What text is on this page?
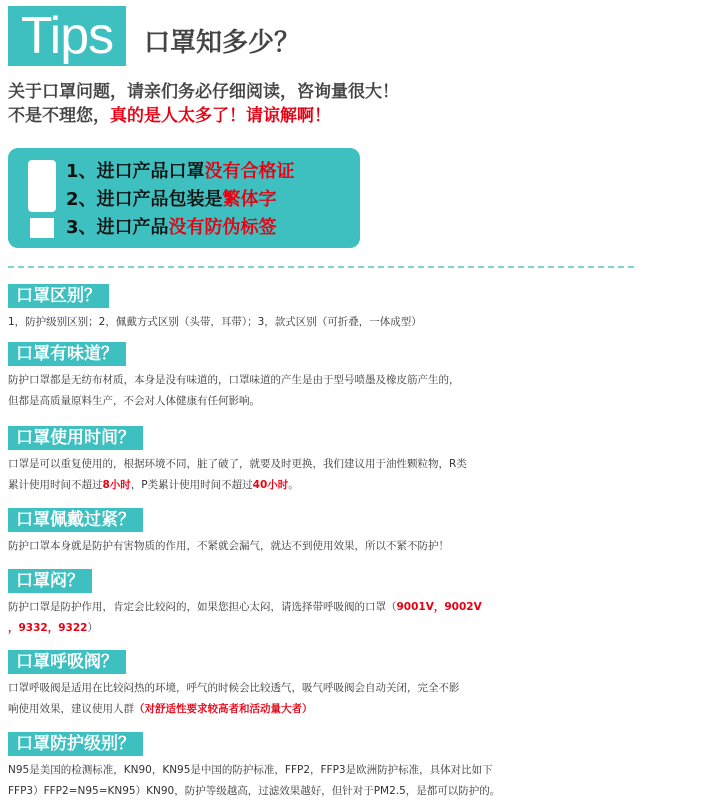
Tips	口罩知多少？
关于口罩问题，请亲们务必仔细阅读，咨询量很大！
不是不理您，真的是人太多了！请谅解啊！
1、进口产品口罩没有合格证
2、进口产品包装是繁体字
3、进口产品没有防伪标签
口罩区别？
1，防护级别区别；2，佩戴方式区别（头带，耳带）；3，款式区别（可折叠，一体成型）
口罩有味道？
防护口罩都是无纺布材质，本身是没有味道的，口罩味道的产生是由于型号喷墨及橡皮筋产生的，
但都是高质量原料生产，不会对人体健康有任何影响。
口罩使用时间？
口罩是可以重复使用的，根据环境不同，脏了破了，就要及时更换，我们建议用于油性颗粒物，R类
累计使用时间不超过8小时，P类累计使用时间不超过40小时。
口罩佩戴过紧？
防护口罩本身就是防护有害物质的作用，不紧就会漏气，就达不到使用效果，所以不紧不防护！
口罩闷？
防护口罩是防护作用，肯定会比较闷的，如果您担心太闷，请选择带呼吸阀的口罩（9001V，9002V
，9332，9322）
口罩呼吸阀？
口罩呼吸阀是适用在比较闷热的环境，呼气的时候会比较透气，吸气呼吸阀会自动关闭，完全不影
响使用效果，建议使用人群（对舒适性要求较高者和活动量大者）
口罩防护级别？
N95是美国的检测标准，KN90，KN95是中国的防护标准，FFP2，FFP3是欧洲防护标准，具体对比如下
FFP3）FFP2=N95=KN95）KN90，防护等级越高，过滤效果越好，但针对于PM2.5，是都可以防护的。
